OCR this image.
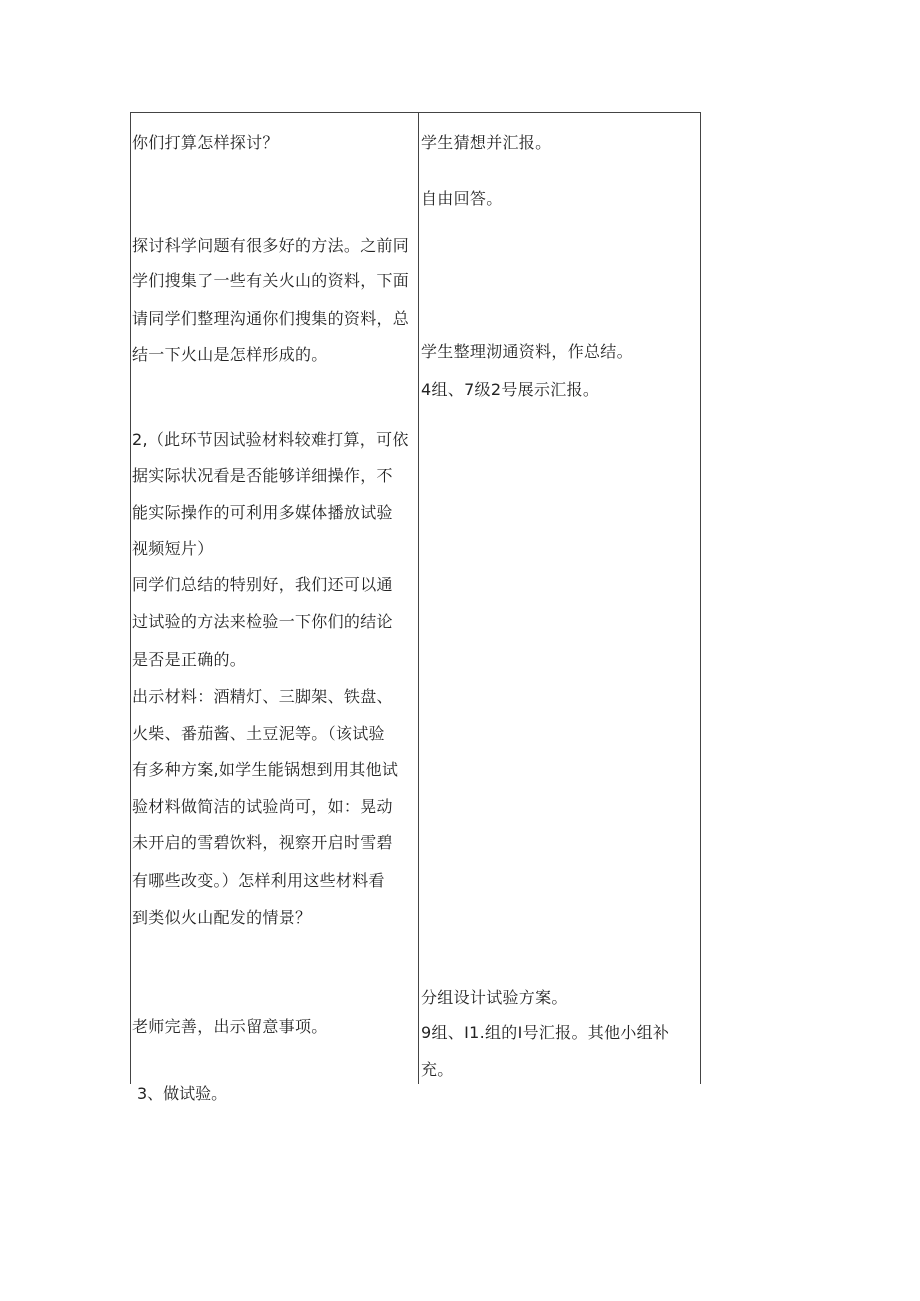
你们打算怎样探讨？
探讨科学问题有很多好的方法。之前同
学们搜集了一些有关火山的资料，下面
请同学们整理沟通你们搜集的资料，总
结一下火山是怎样形成的。
2,（此环节因试验材料较难打算，可依
据实际状况看是否能够详细操作，不
能实际操作的可利用多媒体播放试验
视频短片）
同学们总结的特别好，我们还可以通
过试验的方法来检验一下你们的结论
是否是正确的。
出示材料：酒精灯、三脚架、铁盘、
火柴、番茄酱、土豆泥等。（该试验
有多种方案,如学生能锅想到用其他试
验材料做简洁的试验尚可，如：晃动
未开启的雪碧饮料，视察开启时雪碧
有哪些改变。）怎样利用这些材料看
到类似火山配发的情景？
老师完善，出示留意事项。
学生猜想并汇报。
自由回答。
学生整理沏通资料，作总结。
4组、7级2号展示汇报。
分组设计试验方案。
9组、I1.组的I号汇报。其他小组补
充。
3、做试验。
